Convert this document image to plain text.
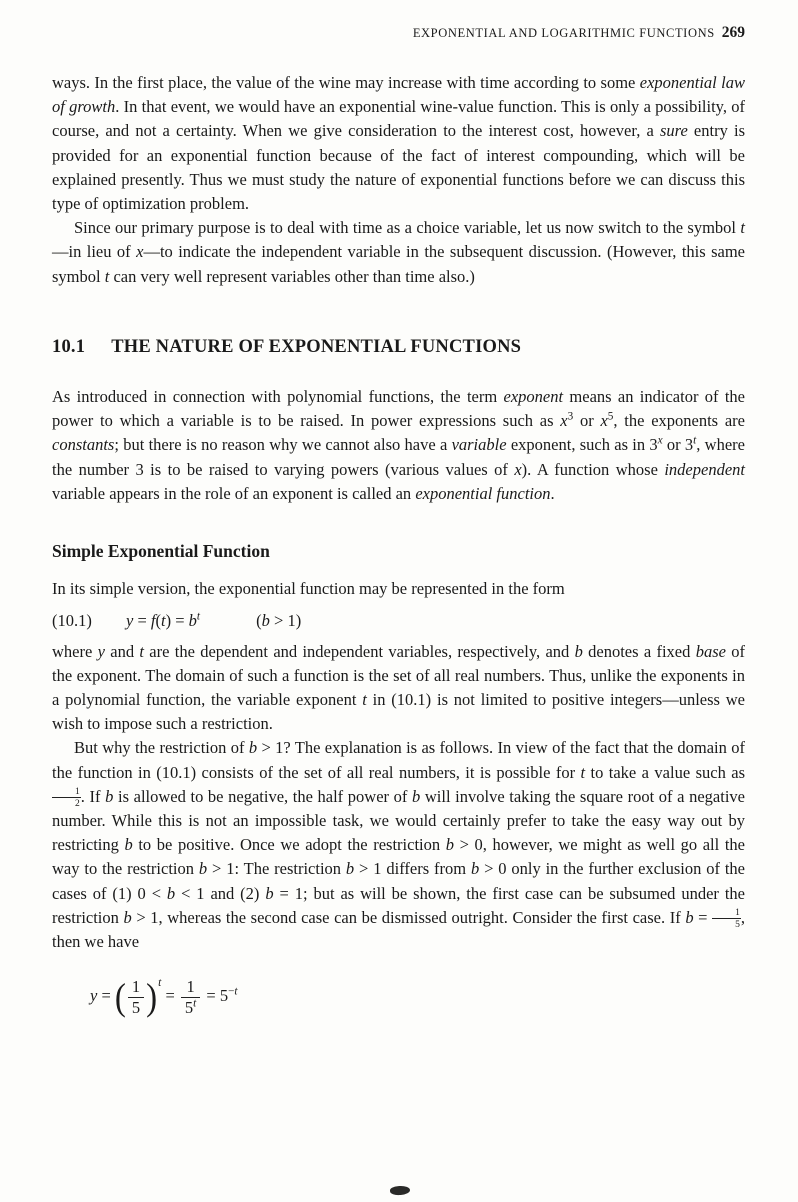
EXPONENTIAL AND LOGARITHMIC FUNCTIONS 269

ways. In the first place, the value of the wine may increase with time according to some exponential law of growth. In that event, we would have an exponential wine-value function. This is only a possibility, of course, and not a certainty. When we give consideration to the interest cost, however, a sure entry is provided for an exponential function because of the fact of interest compounding, which will be explained presently. Thus we must study the nature of exponential functions before we can discuss this type of optimization problem.

Since our primary purpose is to deal with time as a choice variable, let us now switch to the symbol t—in lieu of x—to indicate the independent variable in the subsequent discussion. (However, this same symbol t can very well represent variables other than time also.)

10.1 THE NATURE OF EXPONENTIAL FUNCTIONS

As introduced in connection with polynomial functions, the term exponent means an indicator of the power to which a variable is to be raised. In power expressions such as $x^3$ or $x^5$, the exponents are constants; but there is no reason why we cannot also have a variable exponent, such as in 3$^x$ or 3$^t$, where the number 3 is to be raised to varying powers (various values of x). A function whose independent variable appears in the role of an exponent is called an exponential function.

Simple Exponential Function

In its simple version, the exponential function may be represented in the form

(10.1) $y = f(t) = b^t$	(b > 1)

where y and t are the dependent and independent variables, respectively, and b denotes a fixed base of the exponent. The domain of such a function is the set of all real numbers. Thus, unlike the exponents in a polynomial function, the variable exponent t in (10.1) is not limited to positive integers—unless we wish to impose such a restriction.

But why the restriction of b > 1? The explanation is as follows. In view of the fact that the domain of the function in (10.1) consists of the set of all real numbers, it is possible for t to take a value such as
$\frac{1}{2}$ . If b is allowed to be negative, the half power of b will involve taking the square root of a negative number. While this is not an impossible task, we would certainly prefer to take the easy way out by restricting b to be positive. Once we adopt the restriction b > 0, however, we might as well go all the way to the restriction b > 1: The restriction b > 1 differs from b > 0 only in the further exclusion of the cases of (1) 0 < b < 1 and (2) b = 1; but as will be shown, the first case can be subsumed under the restriction b > 1, whereas the second case can be dismissed outright. Consider the first case. If $b = \frac{1}{5}$ , then we have

y = ( $\frac{1}{5} )^t = \frac{1}{5^t} = 5^{-t}$
